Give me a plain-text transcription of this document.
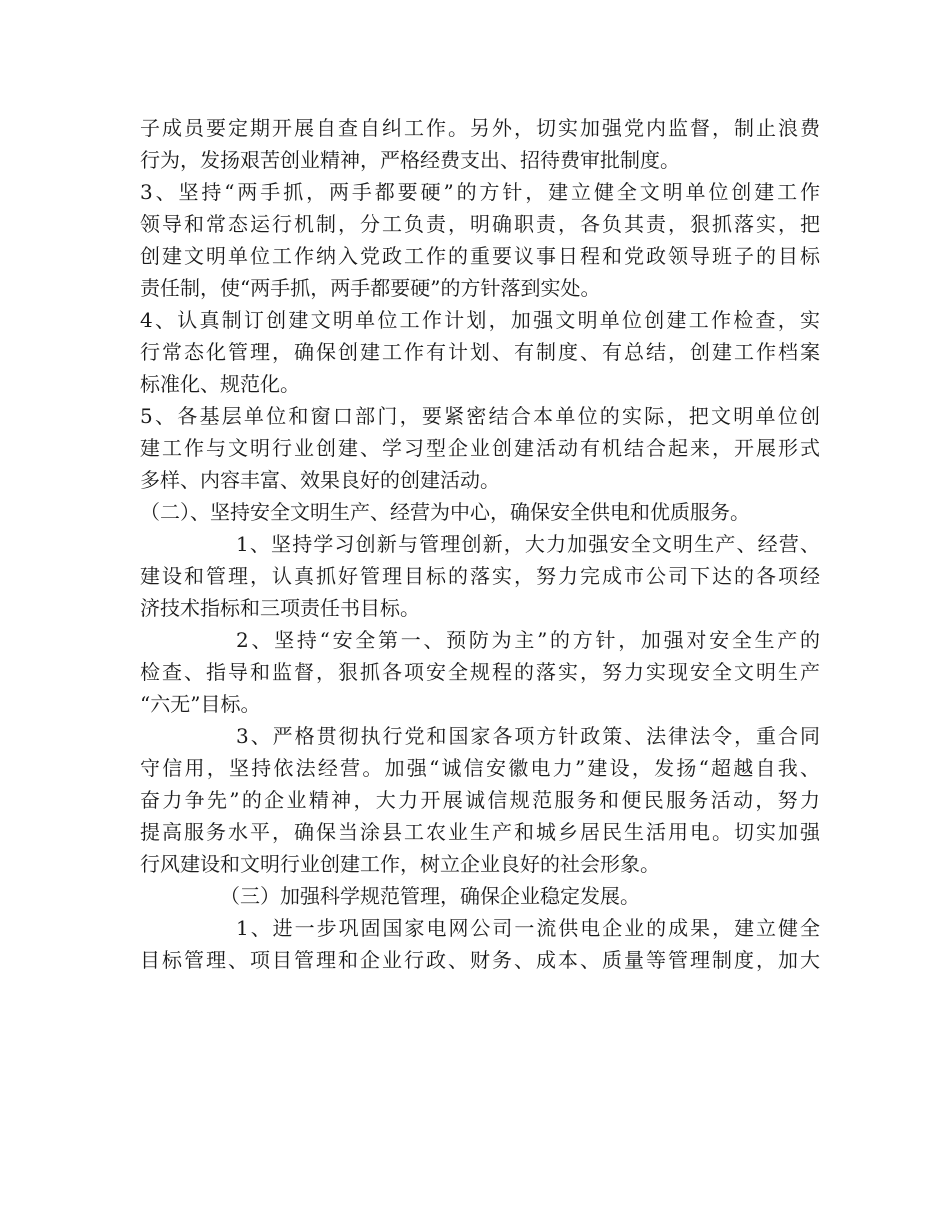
子成员要定期开展自查自纠工作。另外，切实加强党内监督，制止浪费
行为，发扬艰苦创业精神，严格经费支出、招待费审批制度。
3、坚持“两手抓，两手都要硬”的方针，建立健全文明单位创建工作
领导和常态运行机制，分工负责，明确职责，各负其责，狠抓落实，把
创建文明单位工作纳入党政工作的重要议事日程和党政领导班子的目标
责任制，使“两手抓，两手都要硬”的方针落到实处。
4、认真制订创建文明单位工作计划，加强文明单位创建工作检查，实
行常态化管理，确保创建工作有计划、有制度、有总结，创建工作档案
标准化、规范化。
5、各基层单位和窗口部门，要紧密结合本单位的实际，把文明单位创
建工作与文明行业创建、学习型企业创建活动有机结合起来，开展形式
多样、内容丰富、效果良好的创建活动。
（二）、坚持安全文明生产、经营为中心，确保安全供电和优质服务。
1、坚持学习创新与管理创新，大力加强安全文明生产、经营、
建设和管理，认真抓好管理目标的落实，努力完成市公司下达的各项经
济技术指标和三项责任书目标。
2、坚持“安全第一、预防为主”的方针，加强对安全生产的
检查、指导和监督，狠抓各项安全规程的落实，努力实现安全文明生产
“六无”目标。
3、严格贯彻执行党和国家各项方针政策、法律法令，重合同
守信用，坚持依法经营。加强“诚信安徽电力”建设，发扬“超越自我、
奋力争先”的企业精神，大力开展诚信规范服务和便民服务活动，努力
提高服务水平，确保当涂县工农业生产和城乡居民生活用电。切实加强
行风建设和文明行业创建工作，树立企业良好的社会形象。
（三）加强科学规范管理，确保企业稳定发展。
1、进一步巩固国家电网公司一流供电企业的成果，建立健全
目标管理、项目管理和企业行政、财务、成本、质量等管理制度，加大
